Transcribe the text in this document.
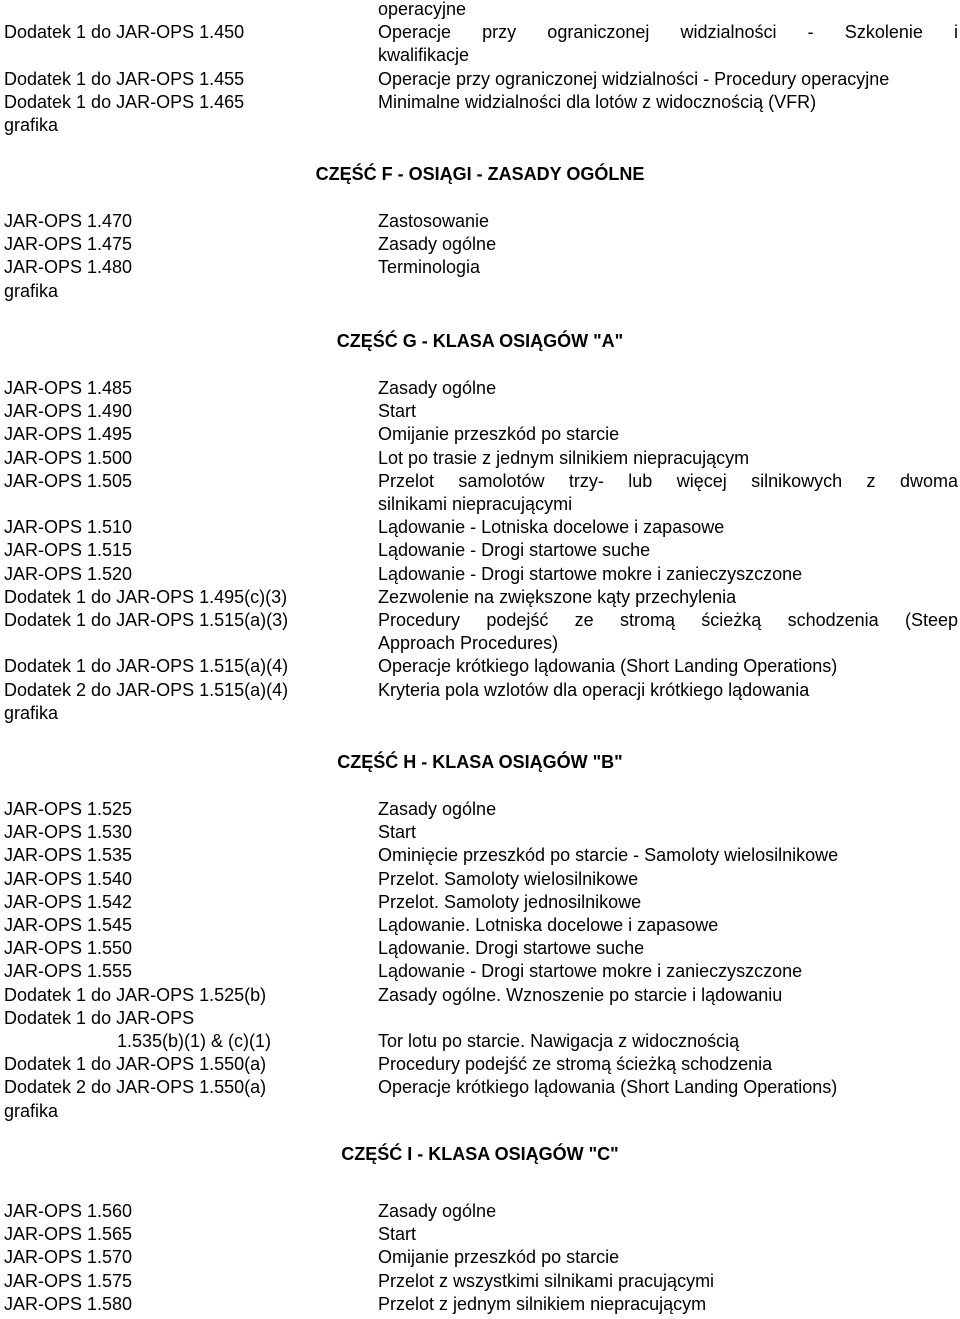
operacyjne
Dodatek 1 do JAR-OPS 1.450	Operacje przy ograniczonej widzialności - Szkolenie i
kwalifikacje
Dodatek 1 do JAR-OPS 1.455	Operacje przy ograniczonej widzialności - Procedury operacyjne
Dodatek 1 do JAR-OPS 1.465	Minimalne widzialności dla lotów z widocznością (VFR)
grafika
CZĘŚĆ F - OSIĄGI - ZASADY OGÓLNE
JAR-OPS 1.470	Zastosowanie
JAR-OPS 1.475	Zasady ogólne
JAR-OPS 1.480	Terminologia
grafika
CZĘŚĆ G - KLASA OSIĄGÓW "A"
JAR-OPS 1.485	Zasady ogólne
JAR-OPS 1.490	Start
JAR-OPS 1.495	Omijanie przeszkód po starcie
JAR-OPS 1.500	Lot po trasie z jednym silnikiem niepracującym
JAR-OPS 1.505	Przelot samolotów trzy- lub więcej silnikowych z dwoma
silnikami niepracującymi
JAR-OPS 1.510	Lądowanie - Lotniska docelowe i zapasowe
JAR-OPS 1.515	Lądowanie - Drogi startowe suche
JAR-OPS 1.520	Lądowanie - Drogi startowe mokre i zanieczyszczone
Dodatek 1 do JAR-OPS 1.495(c)(3)	Zezwolenie na zwiększone kąty przechylenia
Dodatek 1 do JAR-OPS 1.515(a)(3)	Procedury podejść ze stromą ścieżką schodzenia (Steep
Approach Procedures)
Dodatek 1 do JAR-OPS 1.515(a)(4)	Operacje krótkiego lądowania (Short Landing Operations)
Dodatek 2 do JAR-OPS 1.515(a)(4)	Kryteria pola wzlotów dla operacji krótkiego lądowania
grafika
CZĘŚĆ H - KLASA OSIĄGÓW "B"
JAR-OPS 1.525	Zasady ogólne
JAR-OPS 1.530	Start
JAR-OPS 1.535	Ominięcie przeszkód po starcie - Samoloty wielosilnikowe
JAR-OPS 1.540	Przelot. Samoloty wielosilnikowe
JAR-OPS 1.542	Przelot. Samoloty jednosilnikowe
JAR-OPS 1.545	Lądowanie. Lotniska docelowe i zapasowe
JAR-OPS 1.550	Lądowanie. Drogi startowe suche
JAR-OPS 1.555	Lądowanie - Drogi startowe mokre i zanieczyszczone
Dodatek 1 do JAR-OPS 1.525(b)	Zasady ogólne. Wznoszenie po starcie i lądowaniu
Dodatek 1 do JAR-OPS
1.535(b)(1) & (c)(1)	Tor lotu po starcie. Nawigacja z widocznością
Dodatek 1 do JAR-OPS 1.550(a)	Procedury podejść ze stromą ścieżką schodzenia
Dodatek 2 do JAR-OPS 1.550(a)	Operacje krótkiego lądowania (Short Landing Operations)
grafika
CZĘŚĆ I - KLASA OSIĄGÓW "C"
JAR-OPS 1.560	Zasady ogólne
JAR-OPS 1.565	Start
JAR-OPS 1.570	Omijanie przeszkód po starcie
JAR-OPS 1.575	Przelot z wszystkimi silnikami pracującymi
JAR-OPS 1.580	Przelot z jednym silnikiem niepracującym
